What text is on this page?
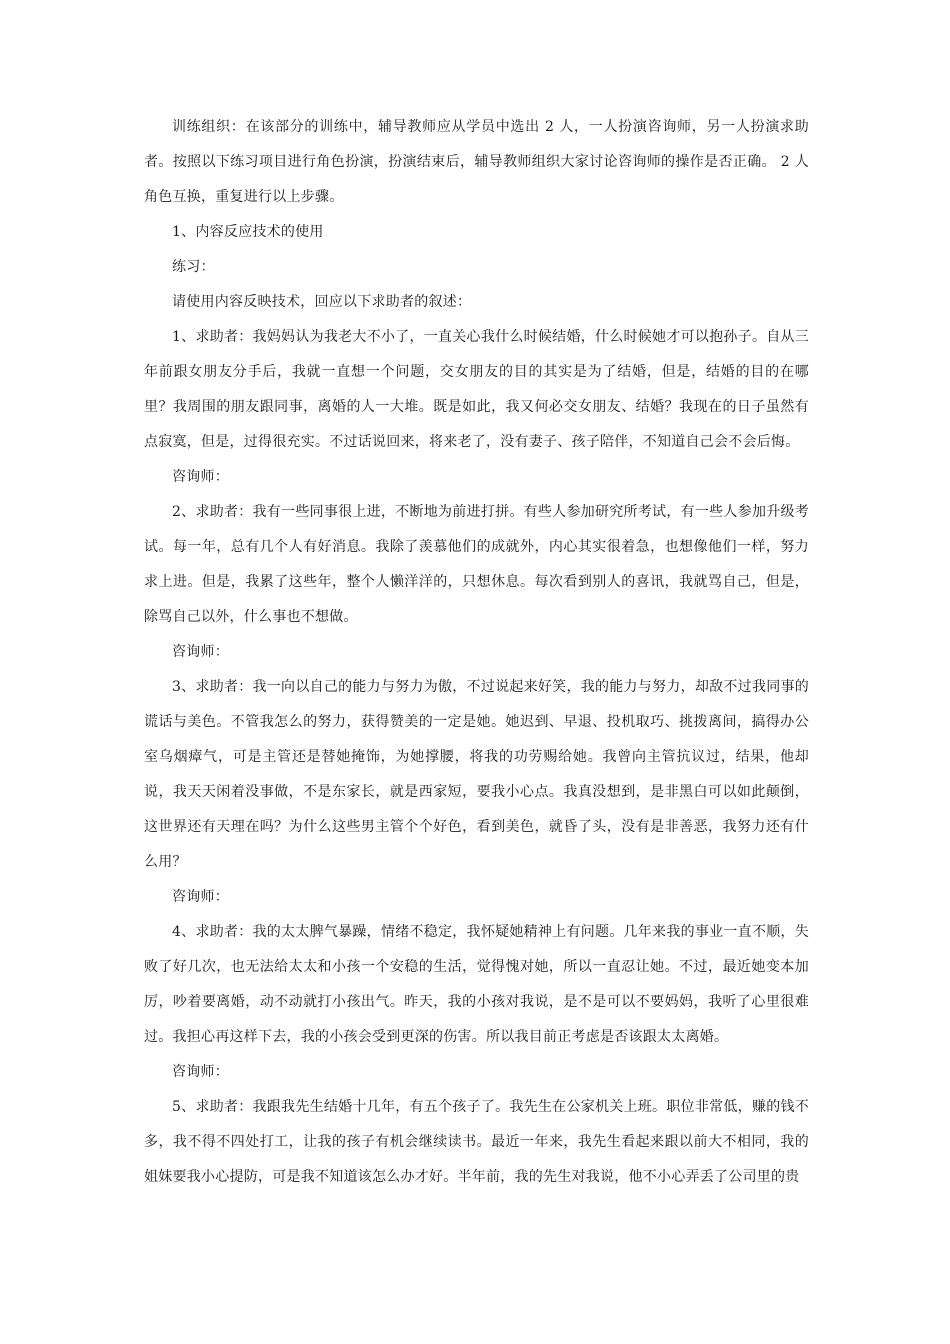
训练组织：在该部分的训练中，辅导教师应从学员中选出 2 人，一人扮演咨询师，另一人扮演求助者。按照以下练习项目进行角色扮演，扮演结束后，辅导教师组织大家讨论咨询师的操作是否正确。 2 人角色互换，重复进行以上步骤。

1、内容反应技术的使用

练习：

请使用内容反映技术，回应以下求助者的叙述：

1、求助者：我妈妈认为我老大不小了，一直关心我什么时候结婚，什么时候她才可以抱孙子。自从三年前跟女朋友分手后，我就一直想一个问题，交女朋友的目的其实是为了结婚，但是，结婚的目的在哪里？我周围的朋友跟同事，离婚的人一大堆。既是如此，我又何必交女朋友、结婚？我现在的日子虽然有点寂寞，但是，过得很充实。不过话说回来，将来老了，没有妻子、孩子陪伴，不知道自己会不会后悔。

咨询师：

2、求助者：我有一些同事很上进，不断地为前进打拼。有些人参加研究所考试，有一些人参加升级考试。每一年，总有几个人有好消息。我除了羡慕他们的成就外，内心其实很着急，也想像他们一样，努力求上进。但是，我累了这些年，整个人懒洋洋的，只想休息。每次看到别人的喜讯，我就骂自己，但是，除骂自己以外，什么事也不想做。

咨询师：

3、求助者：我一向以自己的能力与努力为傲，不过说起来好笑，我的能力与努力，却敌不过我同事的谎话与美色。不管我怎么的努力，获得赞美的一定是她。她迟到、早退、投机取巧、挑拨离间，搞得办公室乌烟瘴气，可是主管还是替她掩饰，为她撑腰，将我的功劳赐给她。我曾向主管抗议过，结果，他却说，我天天闲着没事做，不是东家长，就是西家短，要我小心点。我真没想到，是非黑白可以如此颠倒，这世界还有天理在吗？为什么这些男主管个个好色，看到美色，就昏了头，没有是非善恶，我努力还有什么用？

咨询师：

4、求助者：我的太太脾气暴躁，情绪不稳定，我怀疑她精神上有问题。几年来我的事业一直不顺，失败了好几次，也无法给太太和小孩一个安稳的生活，觉得愧对她，所以一直忍让她。不过，最近她变本加厉，吵着要离婚，动不动就打小孩出气。昨天，我的小孩对我说，是不是可以不要妈妈，我听了心里很难过。我担心再这样下去，我的小孩会受到更深的伤害。所以我目前正考虑是否该跟太太离婚。

咨询师：

5、求助者：我跟我先生结婚十几年，有五个孩子了。我先生在公家机关上班。职位非常低，赚的钱不多，我不得不四处打工，让我的孩子有机会继续读书。最近一年来，我先生看起来跟以前大不相同，我的姐妹要我小心提防，可是我不知道该怎么办才好。半年前，我的先生对我说，他不小心弄丢了公司里的贵
